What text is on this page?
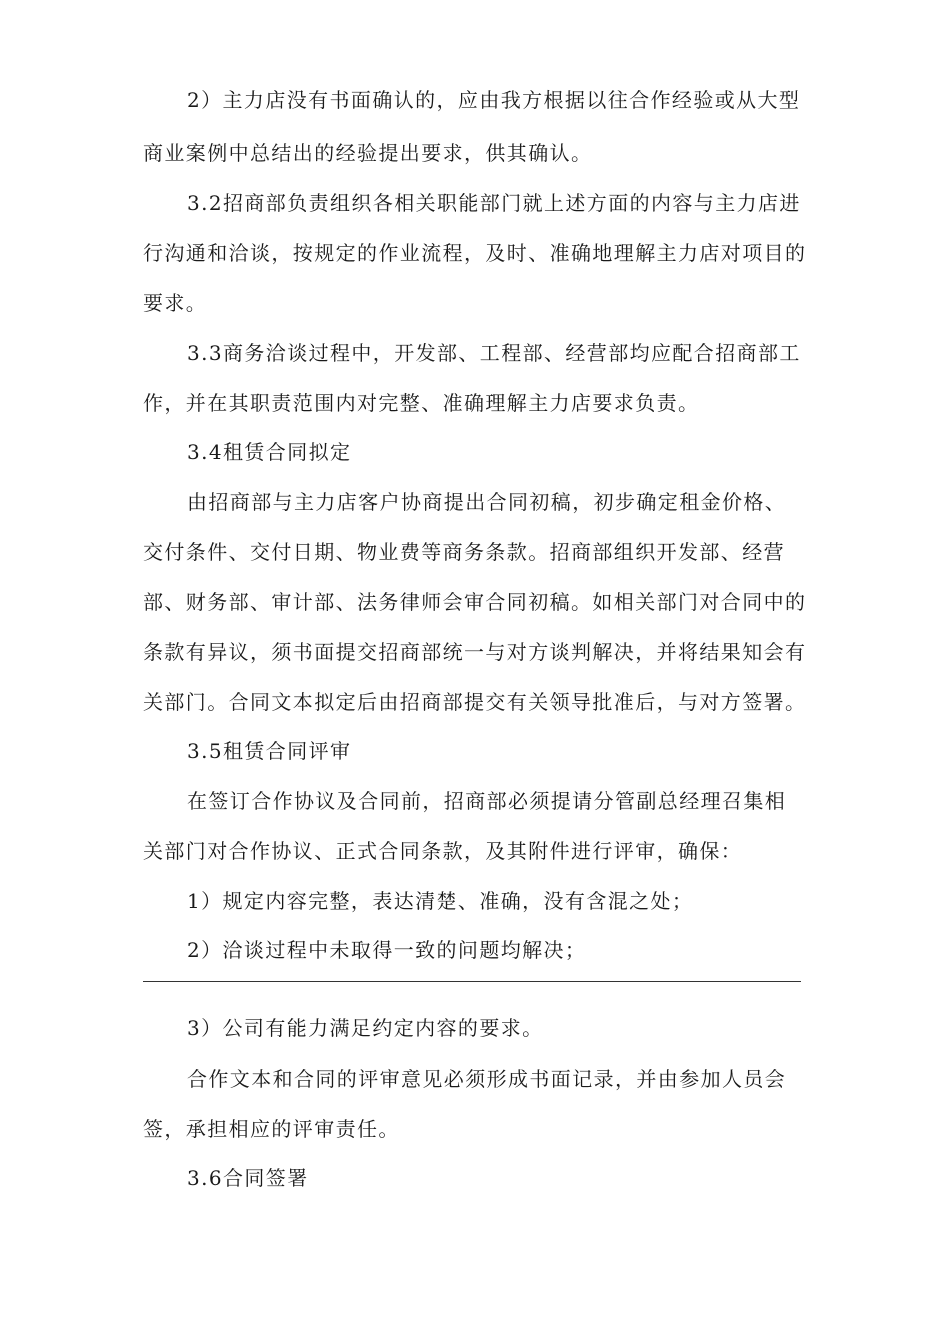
2）主力店没有书面确认的，应由我方根据以往合作经验或从大型
商业案例中总结出的经验提出要求，供其确认。
3.2招商部负责组织各相关职能部门就上述方面的内容与主力店进
行沟通和洽谈，按规定的作业流程，及时、准确地理解主力店对项目的
要求。
3.3商务洽谈过程中，开发部、工程部、经营部均应配合招商部工
作，并在其职责范围内对完整、准确理解主力店要求负责。
3.4租赁合同拟定
由招商部与主力店客户协商提出合同初稿，初步确定租金价格、
交付条件、交付日期、物业费等商务条款。招商部组织开发部、经营
部、财务部、审计部、法务律师会审合同初稿。如相关部门对合同中的
条款有异议，须书面提交招商部统一与对方谈判解决，并将结果知会有
关部门。合同文本拟定后由招商部提交有关领导批准后，与对方签署。
3.5租赁合同评审
在签订合作协议及合同前，招商部必须提请分管副总经理召集相
关部门对合作协议、正式合同条款，及其附件进行评审，确保：
1）规定内容完整，表达清楚、准确，没有含混之处；
2）洽谈过程中未取得一致的问题均解决；
3）公司有能力满足约定内容的要求。
合作文本和合同的评审意见必须形成书面记录，并由参加人员会
签，承担相应的评审责任。
3.6合同签署
